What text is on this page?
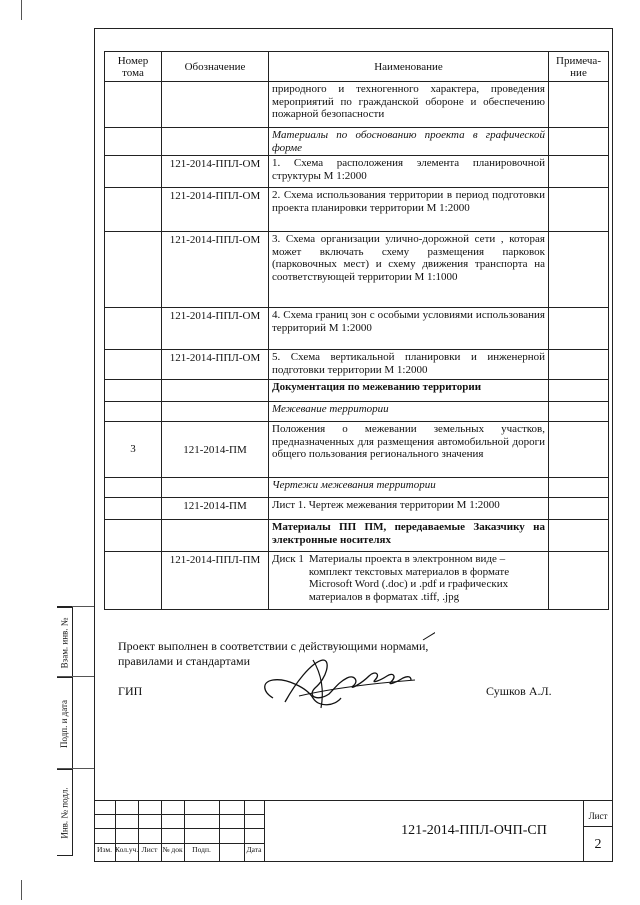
Номер тома	Обозначение	Наименование	Примеча-ние
		природного и техногенного характера, проведения мероприятий по гражданской обороне и обеспечению пожарной безопасности	
		Материалы по обоснованию проекта в графической форме	
	121-2014-ППЛ-ОМ	1. Схема расположения элемента планировочной структуры М 1:2000	
	121-2014-ППЛ-ОМ	2. Схема использования территории в период подготовки проекта планировки территории М 1:2000	
	121-2014-ППЛ-ОМ	3. Схема организации улично-дорожной сети , которая может включать схему размещения парковок (парковочных мест) и схему движения транспорта на соответствующей территории М 1:1000	
	121-2014-ППЛ-ОМ	4. Схема границ зон с особыми условиями использования территорий М 1:2000	
	121-2014-ППЛ-ОМ	5. Схема вертикальной планировки и инженерной подготовки территории М 1:2000	
		Документация по межеванию территории	
		Межевание территории	
3	121-2014-ПМ	Положения о межевании земельных участков, предназначенных для размещения автомобильной дороги общего пользования регионального значения	
		Чертежи межевания территории	
	121-2014-ПМ	Лист 1. Чертеж межевания территории М 1:2000	
		Материалы ПП ПМ, передаваемые Заказчику на электронные носителях	
	121-2014-ППЛ-ПМ	Диск 1 Материалы проекта в электронном виде – комплект текстовых материалов в формате Microsoft Word (.doc) и .pdf и графических материалов в форматах .tiff, .jpg	

Проект выполнен в соответствии с действующими нормами, правилами и стандартами
ГИП	Сушков А.Л.
Взам. инв. №
Подп. и дата
Инв. № подл.
Изм. Кол.уч. Лист № док	Подп.	Дата
121-2014-ППЛ-ОЧП-СП
Лист
2
